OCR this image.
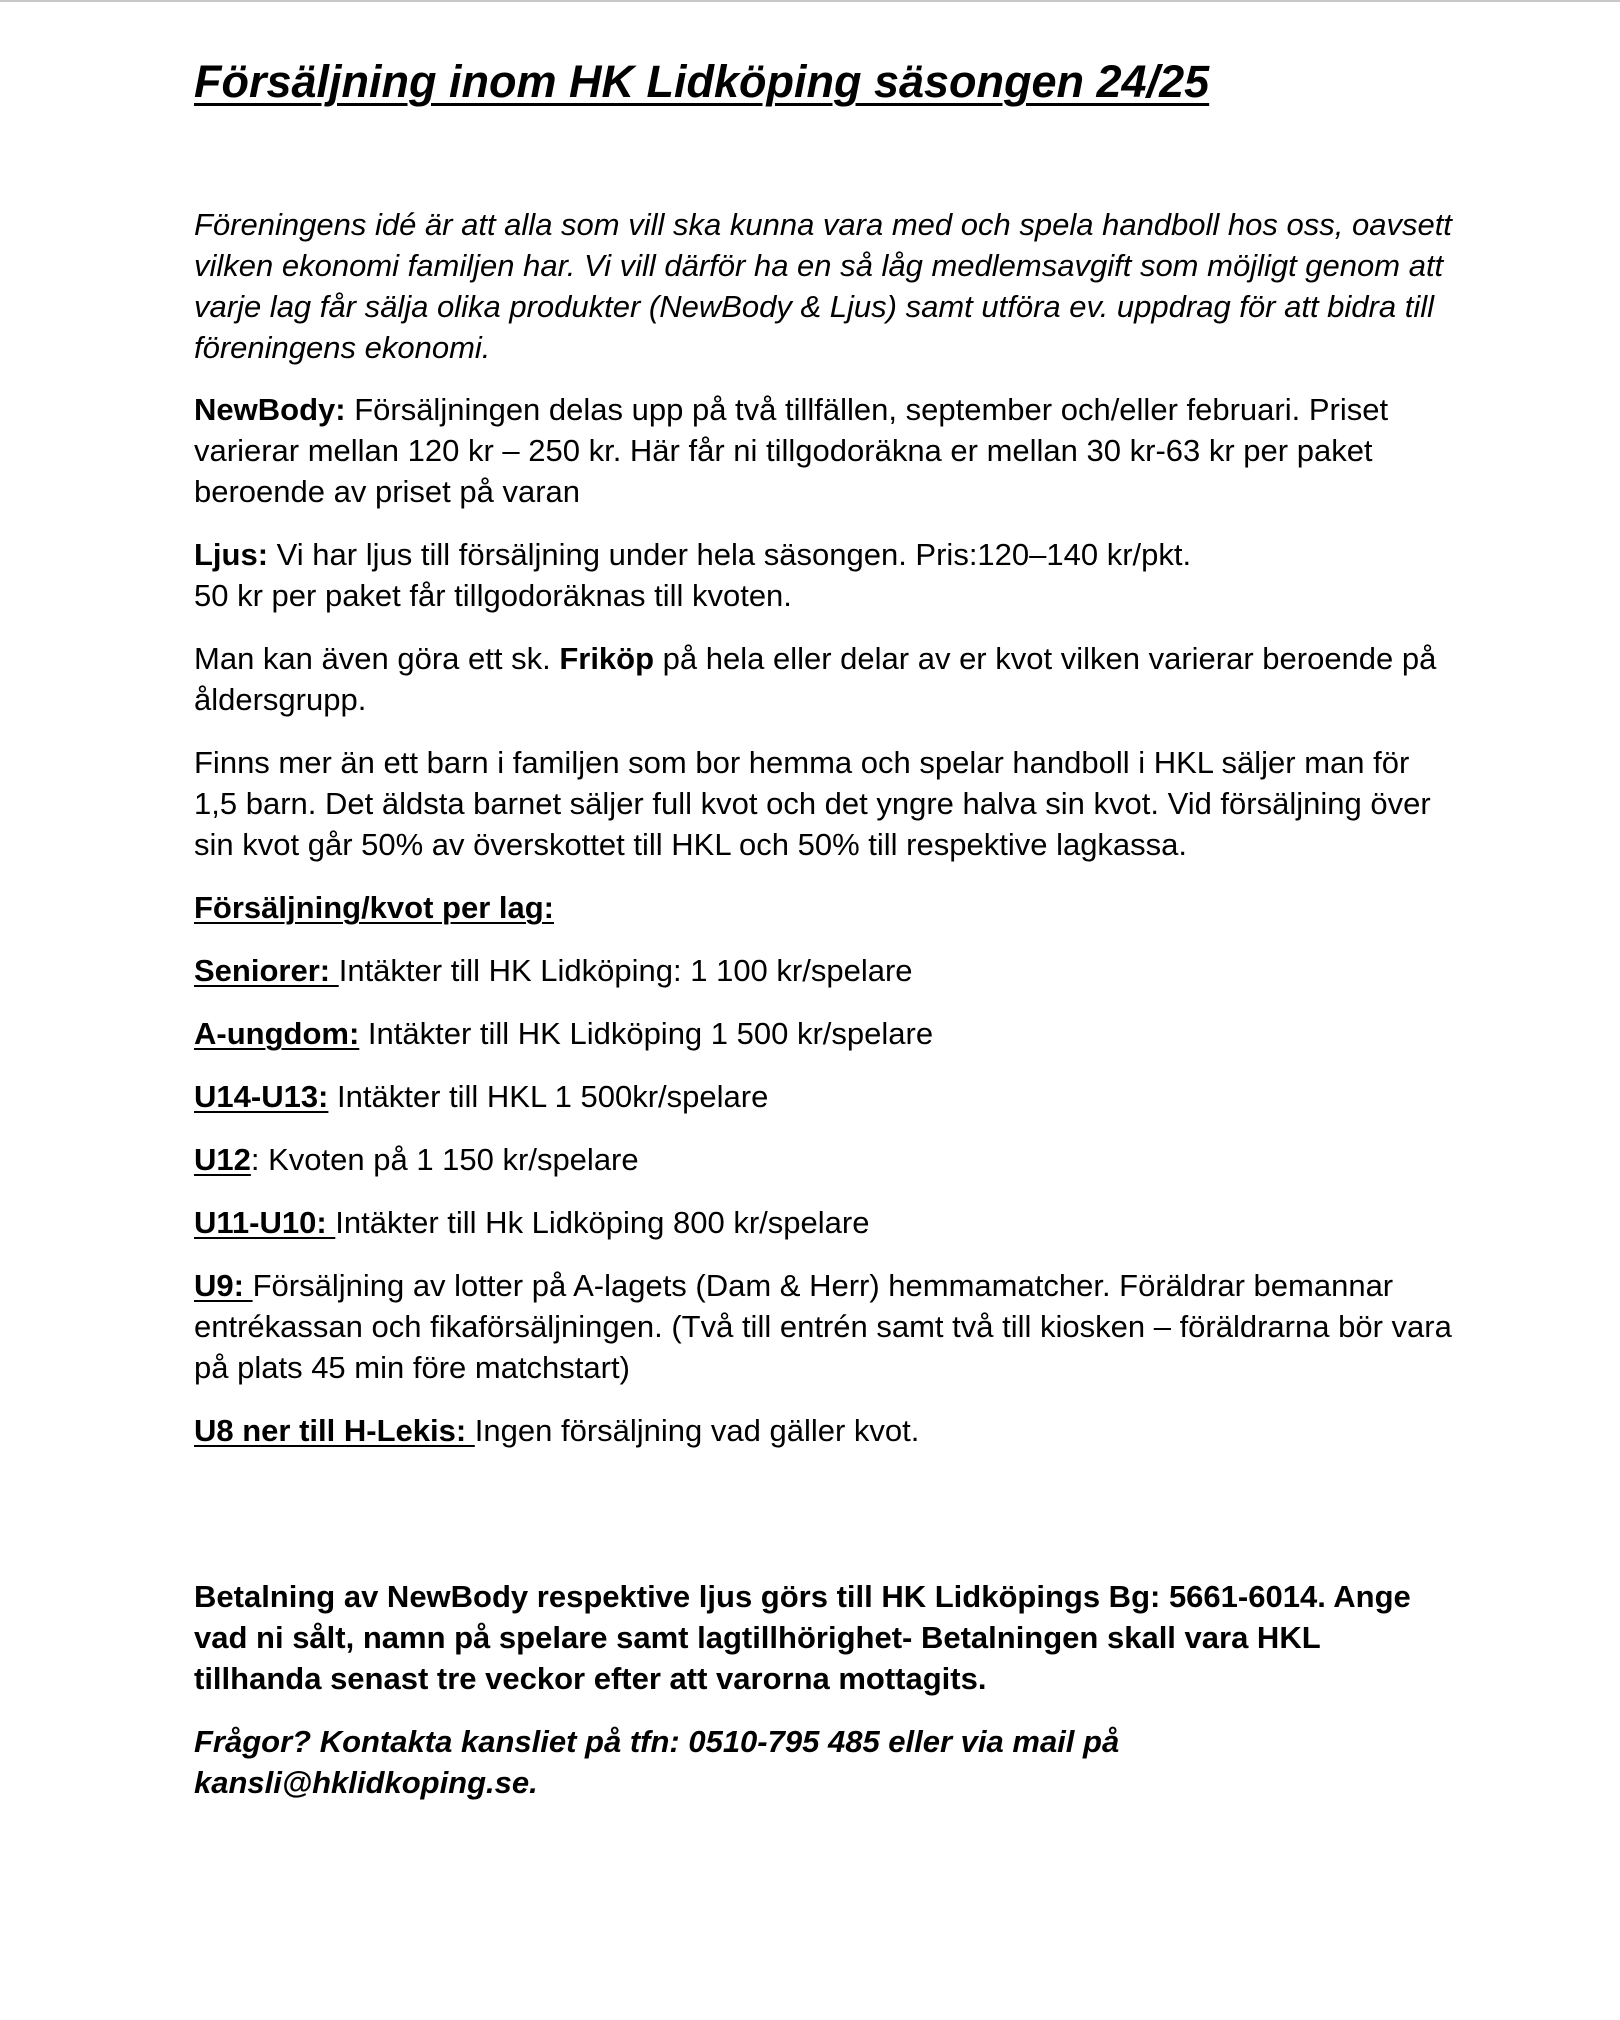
Försäljning inom HK Lidköping säsongen 24/25

Föreningens idé är att alla som vill ska kunna vara med och spela handboll hos oss, oavsett vilken ekonomi familjen har. Vi vill därför ha en så låg medlemsavgift som möjligt genom att varje lag får sälja olika produkter (NewBody & Ljus) samt utföra ev. uppdrag för att bidra till föreningens ekonomi.

NewBody: Försäljningen delas upp på två tillfällen, september och/eller februari. Priset varierar mellan 120 kr – 250 kr. Här får ni tillgodoräkna er mellan 30 kr-63 kr per paket beroende av priset på varan

Ljus: Vi har ljus till försäljning under hela säsongen. Pris:120–140 kr/pkt.
50 kr per paket får tillgodoräknas till kvoten.

Man kan även göra ett sk. Friköp på hela eller delar av er kvot vilken varierar beroende på åldersgrupp.

Finns mer än ett barn i familjen som bor hemma och spelar handboll i HKL säljer man för 1,5 barn. Det äldsta barnet säljer full kvot och det yngre halva sin kvot. Vid försäljning över sin kvot går 50% av överskottet till HKL och 50% till respektive lagkassa.

Försäljning/kvot per lag:

Seniorer: Intäkter till HK Lidköping: 1 100 kr/spelare

A-ungdom: Intäkter till HK Lidköping 1 500 kr/spelare

U14-U13: Intäkter till HKL 1 500kr/spelare

U12: Kvoten på 1 150 kr/spelare

U11-U10: Intäkter till Hk Lidköping 800 kr/spelare

U9: Försäljning av lotter på A-lagets (Dam & Herr) hemmamatcher. Föräldrar bemannar entrékassan och fikaförsäljningen. (Två till entrén samt två till kiosken – föräldrarna bör vara på plats 45 min före matchstart)

U8 ner till H-Lekis: Ingen försäljning vad gäller kvot.

Betalning av NewBody respektive ljus görs till HK Lidköpings Bg: 5661-6014. Ange vad ni sålt, namn på spelare samt lagtillhörighet- Betalningen skall vara HKL tillhanda senast tre veckor efter att varorna mottagits.

Frågor? Kontakta kansliet på tfn: 0510-795 485 eller via mail på kansli@hklidkoping.se.
